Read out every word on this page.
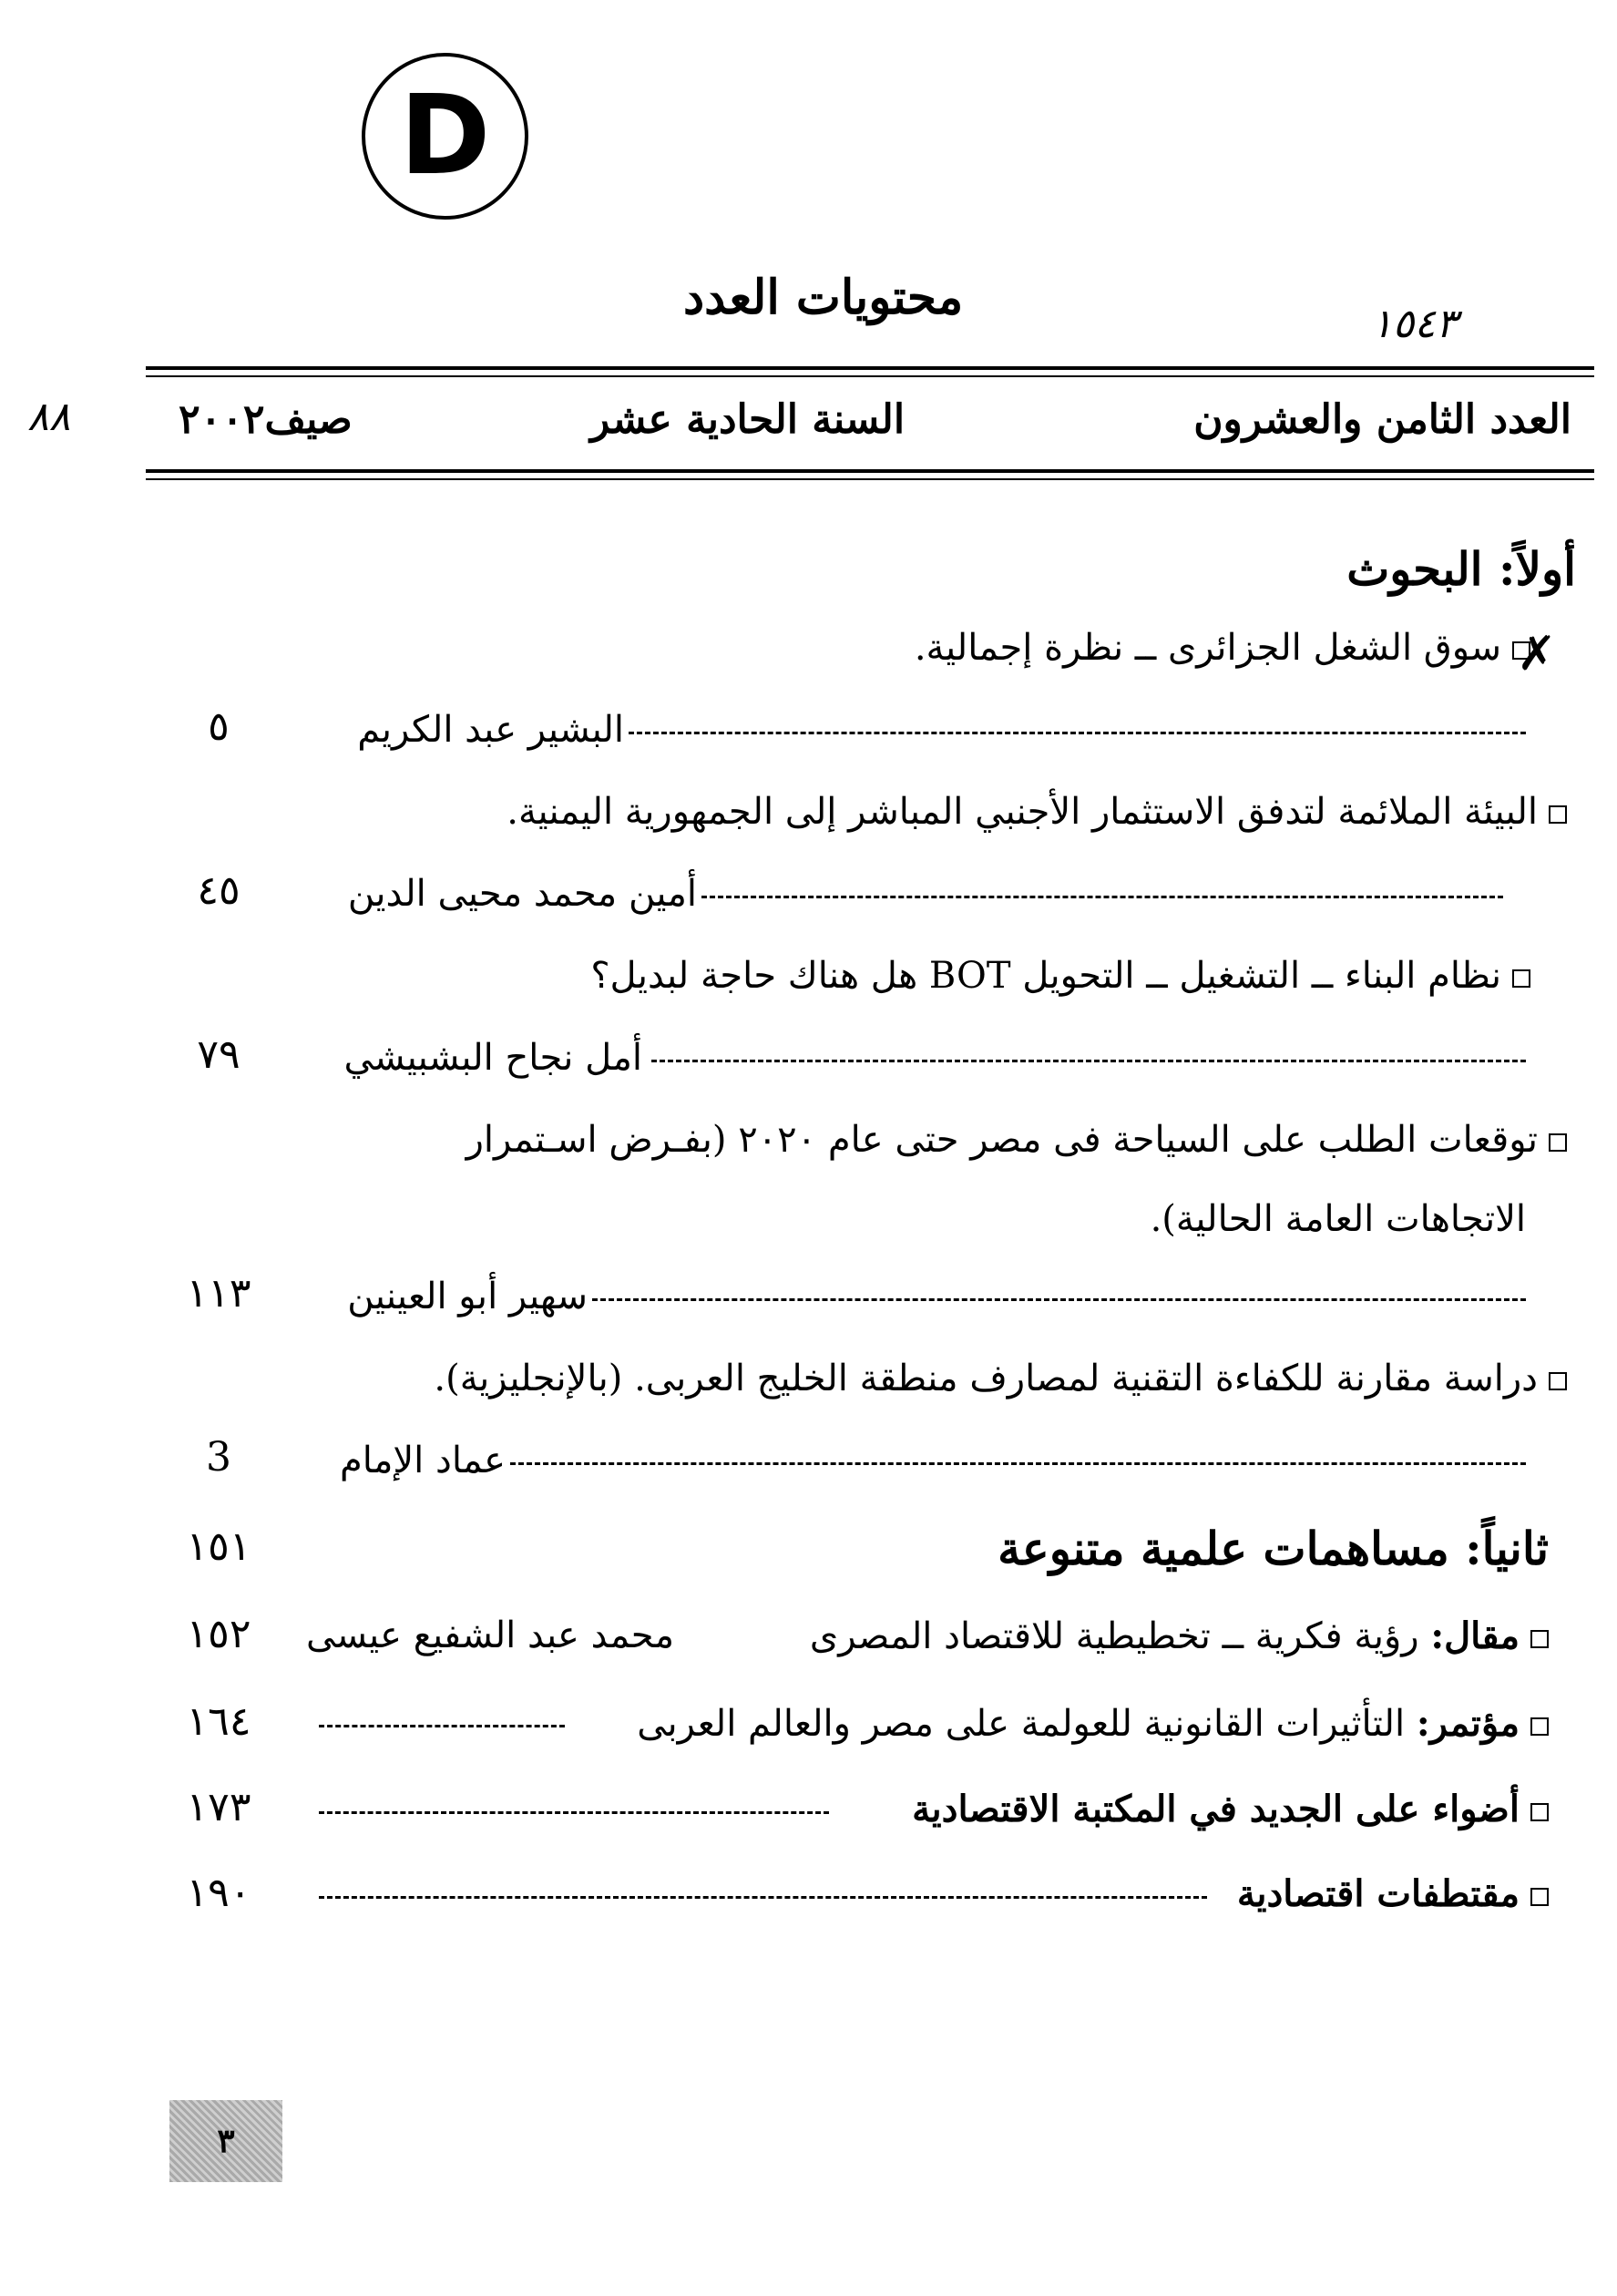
D
محتويات العدد	١٥٤٣
٨٨	العدد الثامن والعشرون
السنة الحادية عشر
صيف٢٠٠٢
أولاً: البحوث
✗
سوق الشغل الجزائرى ــ نظرة إجمالية.
البشير عبد الكريم
٥
البيئة الملائمة لتدفق الاستثمار الأجنبي المباشر إلى الجمهورية اليمنية.
أمين محمد محيى الدين
٤٥
نظام البناء ــ التشغيل ــ التحويل BOT هل هناك حاجة لبديل؟
أمل نجاح البشبيشي
٧٩
توقعات الطلب على السياحة فى مصر حتى عام ٢٠٢٠ (بفـرض اسـتمرار
الاتجاهات العامة الحالية).
سهير أبو العينين
١١٣
دراسة مقارنة للكفاءة التقنية لمصارف منطقة الخليج العربى. (بالإنجليزية).
عماد الإمام
3
ثانياً: مساهمات علمية متنوعة
١٥١
مقال: رؤية فكرية ــ تخطيطية للاقتصاد المصرى
محمد عبد الشفيع عيسى
١٥٢
مؤتمر: التأثيرات القانونية للعولمة على مصر والعالم العربى
١٦٤
أضواء على الجديد في المكتبة الاقتصادية
١٧٣
مقتطفات اقتصادية
١٩٠
٣
